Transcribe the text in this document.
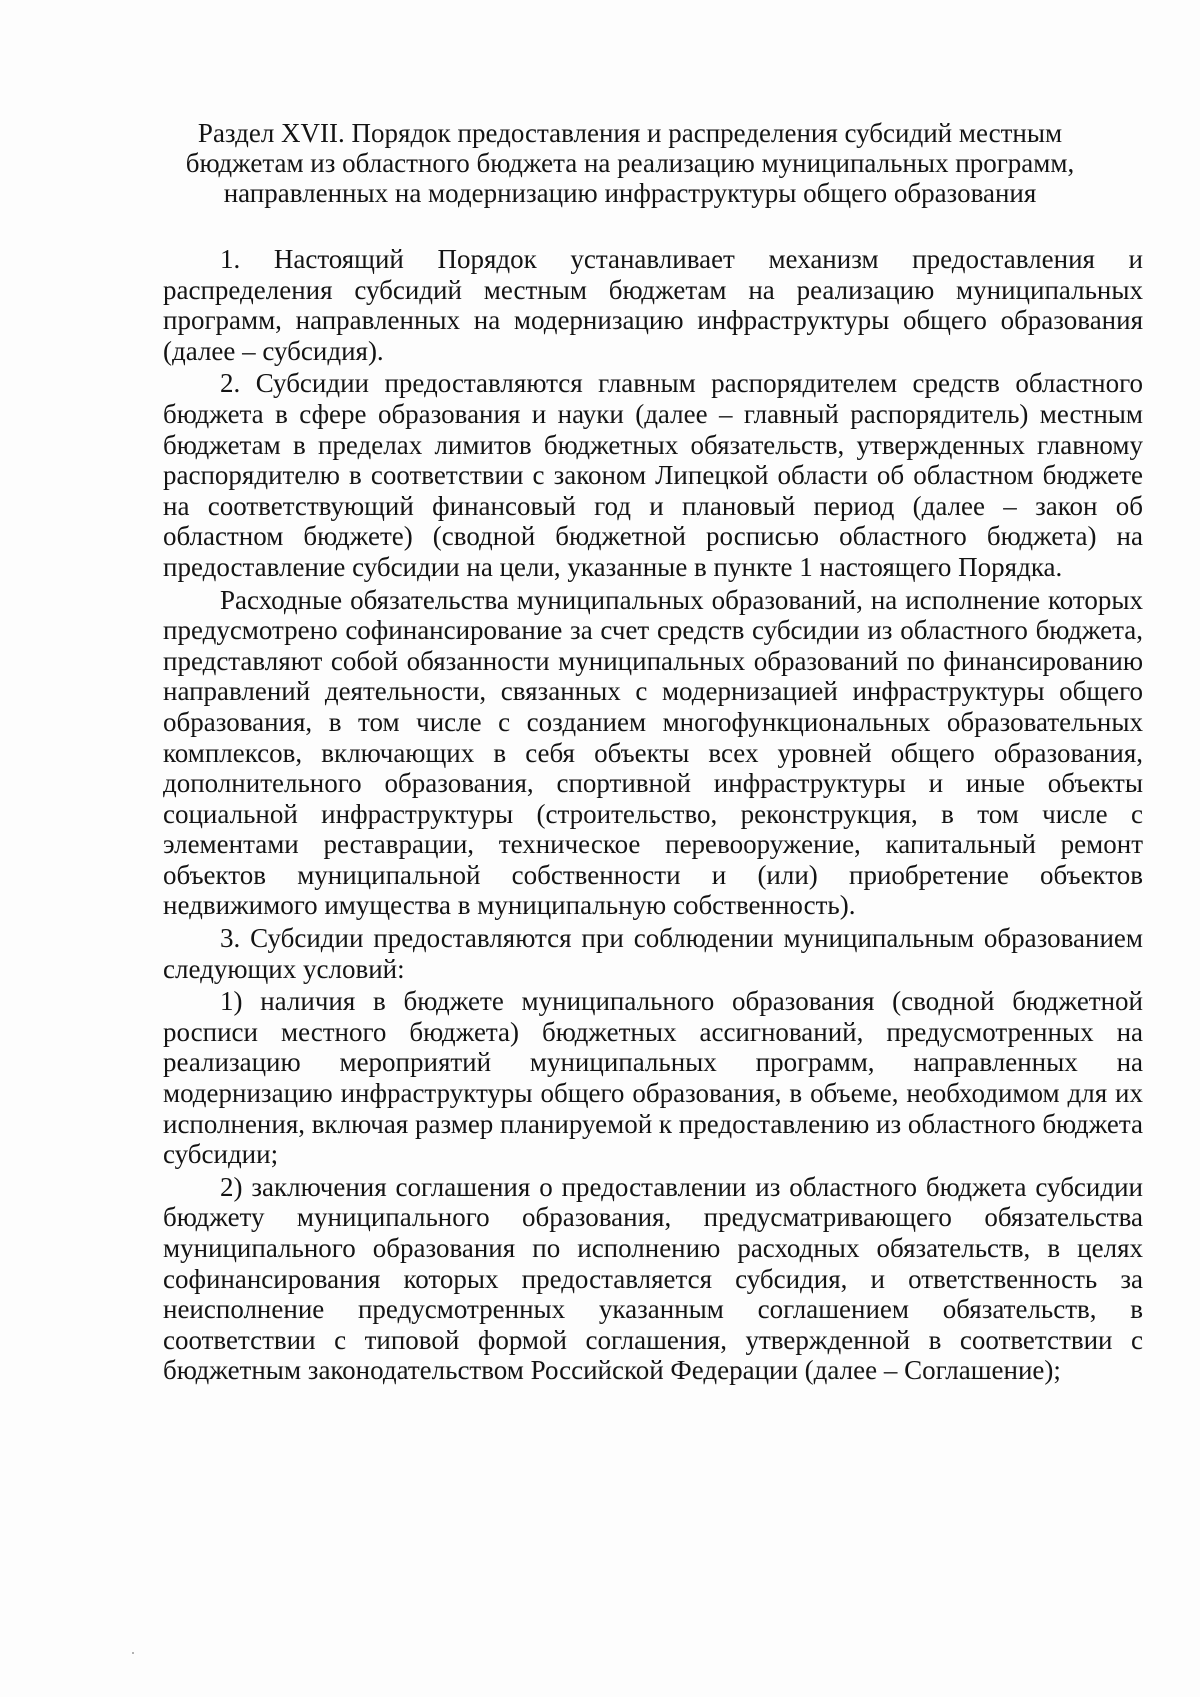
Раздел XVII. Порядок предоставления и распределения субсидий местным
бюджетам из областного бюджета на реализацию муниципальных программ,
направленных на модернизацию инфраструктуры общего образования

1. Настоящий Порядок устанавливает механизм предоставления и распределения субсидий местным бюджетам на реализацию муниципальных программ, направленных на модернизацию инфраструктуры общего образования (далее – субсидия).

2. Субсидии предоставляются главным распорядителем средств областного бюджета в сфере образования и науки (далее – главный распорядитель) местным бюджетам в пределах лимитов бюджетных обязательств, утвержденных главному распорядителю в соответствии с законом Липецкой области об областном бюджете на соответствующий финансовый год и плановый период (далее – закон об областном бюджете) (сводной бюджетной росписью областного бюджета) на предоставление субсидии на цели, указанные в пункте 1 настоящего Порядка.

Расходные обязательства муниципальных образований, на исполнение которых предусмотрено софинансирование за счет средств субсидии из областного бюджета, представляют собой обязанности муниципальных образований по финансированию направлений деятельности, связанных с модернизацией инфраструктуры общего образования, в том числе с созданием многофункциональных образовательных комплексов, включающих в себя объекты всех уровней общего образования, дополнительного образования, спортивной инфраструктуры и иные объекты социальной инфраструктуры (строительство, реконструкция, в том числе с элементами реставрации, техническое перевооружение, капитальный ремонт объектов муниципальной собственности и (или) приобретение объектов недвижимого имущества в муниципальную собственность).

3. Субсидии предоставляются при соблюдении муниципальным образованием следующих условий:

1) наличия в бюджете муниципального образования (сводной бюджетной росписи местного бюджета) бюджетных ассигнований, предусмотренных на реализацию мероприятий муниципальных программ, направленных на модернизацию инфраструктуры общего образования, в объеме, необходимом для их исполнения, включая размер планируемой к предоставлению из областного бюджета субсидии;

2) заключения соглашения о предоставлении из областного бюджета субсидии бюджету муниципального образования, предусматривающего обязательства муниципального образования по исполнению расходных обязательств, в целях софинансирования которых предоставляется субсидия, и ответственность за неисполнение предусмотренных указанным соглашением обязательств, в соответствии с типовой формой соглашения, утвержденной в соответствии с бюджетным законодательством Российской Федерации (далее – Соглашение);
